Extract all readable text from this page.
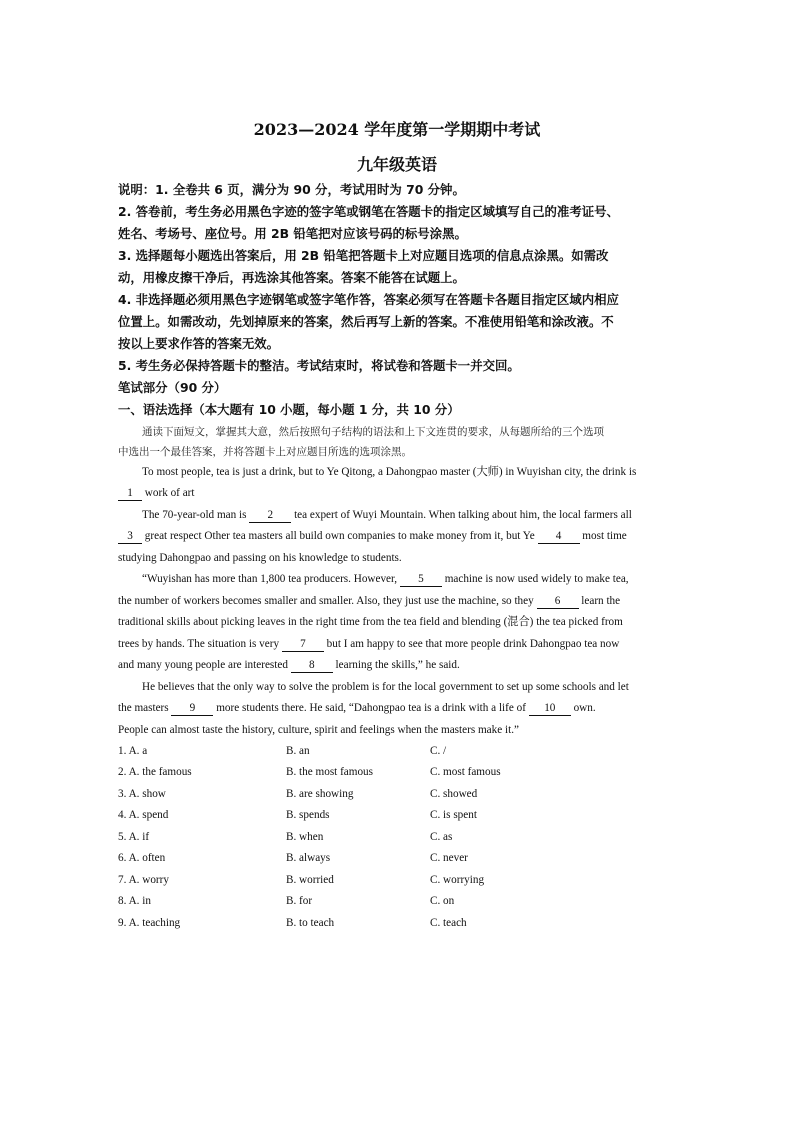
2023—2024 学年度第一学期期中考试
九年级英语
说明：1. 全卷共 6 页，满分为 90 分，考试用时为 70 分钟。
2. 答卷前，考生务必用黑色字迹的签字笔或钢笔在答题卡的指定区域填写自己的准考证号、
姓名、考场号、座位号。用 2B 铅笔把对应该号码的标号涂黑。
3. 选择题每小题选出答案后，用 2B 铅笔把答题卡上对应题目选项的信息点涂黑。如需改
动，用橡皮擦干净后，再选涂其他答案。答案不能答在试题上。
4. 非选择题必须用黑色字迹钢笔或签字笔作答，答案必须写在答题卡各题目指定区域内相应
位置上。如需改动，先划掉原来的答案，然后再写上新的答案。不准使用铅笔和涂改液。不
按以上要求作答的答案无效。
5. 考生务必保持答题卡的整洁。考试结束时，将试卷和答题卡一并交回。
笔试部分（90 分）
一、语法选择（本大题有 10 小题，每小题 1 分，共 10 分）
通读下面短文，掌握其大意，然后按照句子结构的语法和上下文连贯的要求，从每题所给的三个选项
中选出一个最佳答案，并将答题卡上对应题目所选的选项涂黑。
To most people, tea is just a drink, but to Ye Qitong, a Dahongpao master (大师) in Wuyishan city, the drink is
1 work of art
The 70-year-old man is 2 tea expert of Wuyi Mountain. When talking about him, the local farmers all
3 great respect Other tea masters all build own companies to make money from it, but Ye 4 most time
studying Dahongpao and passing on his knowledge to students.
“Wuyishan has more than 1,800 tea producers. However, 5 machine is now used widely to make tea,
the number of workers becomes smaller and smaller. Also, they just use the machine, so they 6 learn the
traditional skills about picking leaves in the right time from the tea field and blending (混合) the tea picked from
trees by hands. The situation is very 7 but I am happy to see that more people drink Dahongpao tea now
and many young people are interested 8 learning the skills,” he said.
He believes that the only way to solve the problem is for the local government to set up some schools and let
the masters 9 more students there. He said, “Dahongpao tea is a drink with a life of 10 own.
People can almost taste the history, culture, spirit and feelings when the masters make it.”
1. A. a	B. an	C. /
2. A. the famous	B. the most famous	C. most famous
3. A. show	B. are showing	C. showed
4. A. spend	B. spends	C. is spent
5. A. if	B. when	C. as
6. A. often	B. always	C. never
7. A. worry	B. worried	C. worrying
8. A. in	B. for	C. on
9. A. teaching	B. to teach	C. teach
